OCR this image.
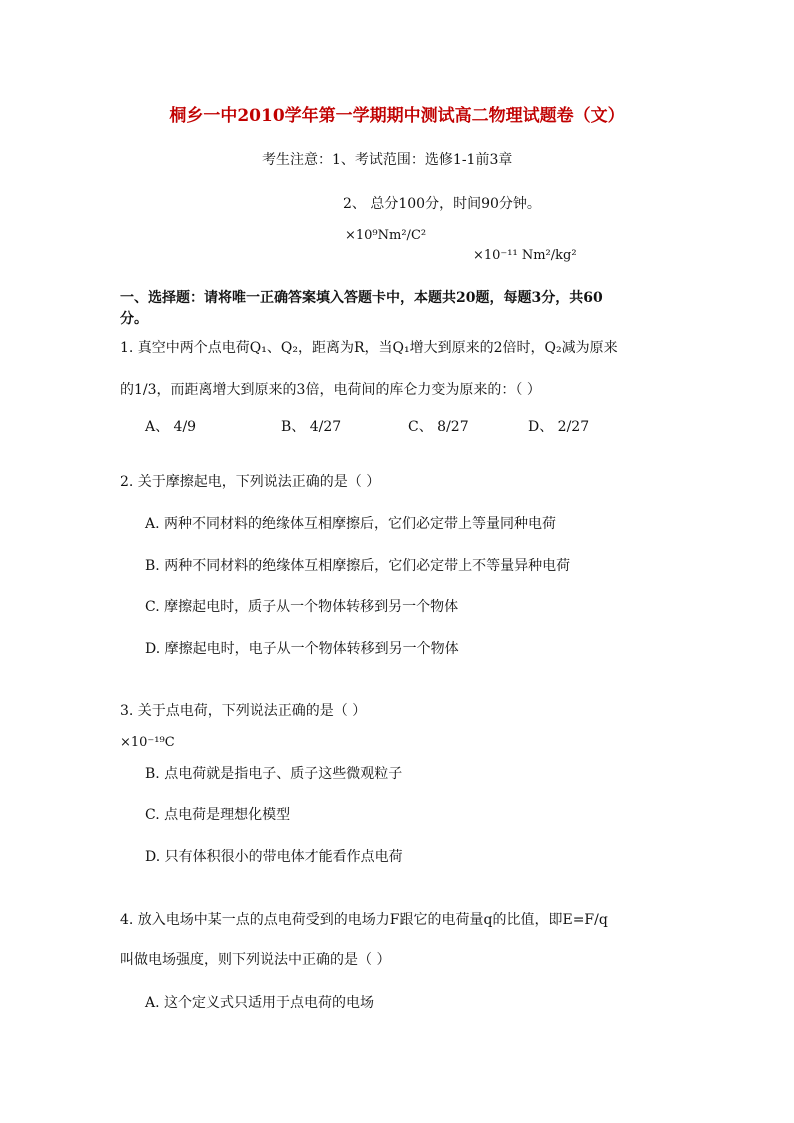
桐乡一中2010学年第一学期期中测试高二物理试题卷（文）
考生注意：1、考试范围：选修1-1前3章
2、 总分100分，时间90分钟。
×10⁹Nm²/C²
×10⁻¹¹ Nm²/kg²
一、选择题：请将唯一正确答案填入答题卡中，本题共20题，每题3分，共60
分。
1. 真空中两个点电荷Q₁、Q₂，距离为R，当Q₁增大到原来的2倍时，Q₂减为原来
的1/3，而距离增大到原来的3倍，电荷间的库仑力变为原来的：（ ）
A、 4/9	B、 4/27	C、 8/27	D、 2/27
2. 关于摩擦起电，下列说法正确的是（ ）
A. 两种不同材料的绝缘体互相摩擦后，它们必定带上等量同种电荷
B. 两种不同材料的绝缘体互相摩擦后，它们必定带上不等量异种电荷
C. 摩擦起电时，质子从一个物体转移到另一个物体
D. 摩擦起电时，电子从一个物体转移到另一个物体
3. 关于点电荷，下列说法正确的是（ ）
×10⁻¹⁹C
B. 点电荷就是指电子、质子这些微观粒子
C. 点电荷是理想化模型
D. 只有体积很小的带电体才能看作点电荷
4. 放入电场中某一点的点电荷受到的电场力F跟它的电荷量q的比值，即E=F/q
叫做电场强度，则下列说法中正确的是（ ）
A. 这个定义式只适用于点电荷的电场
